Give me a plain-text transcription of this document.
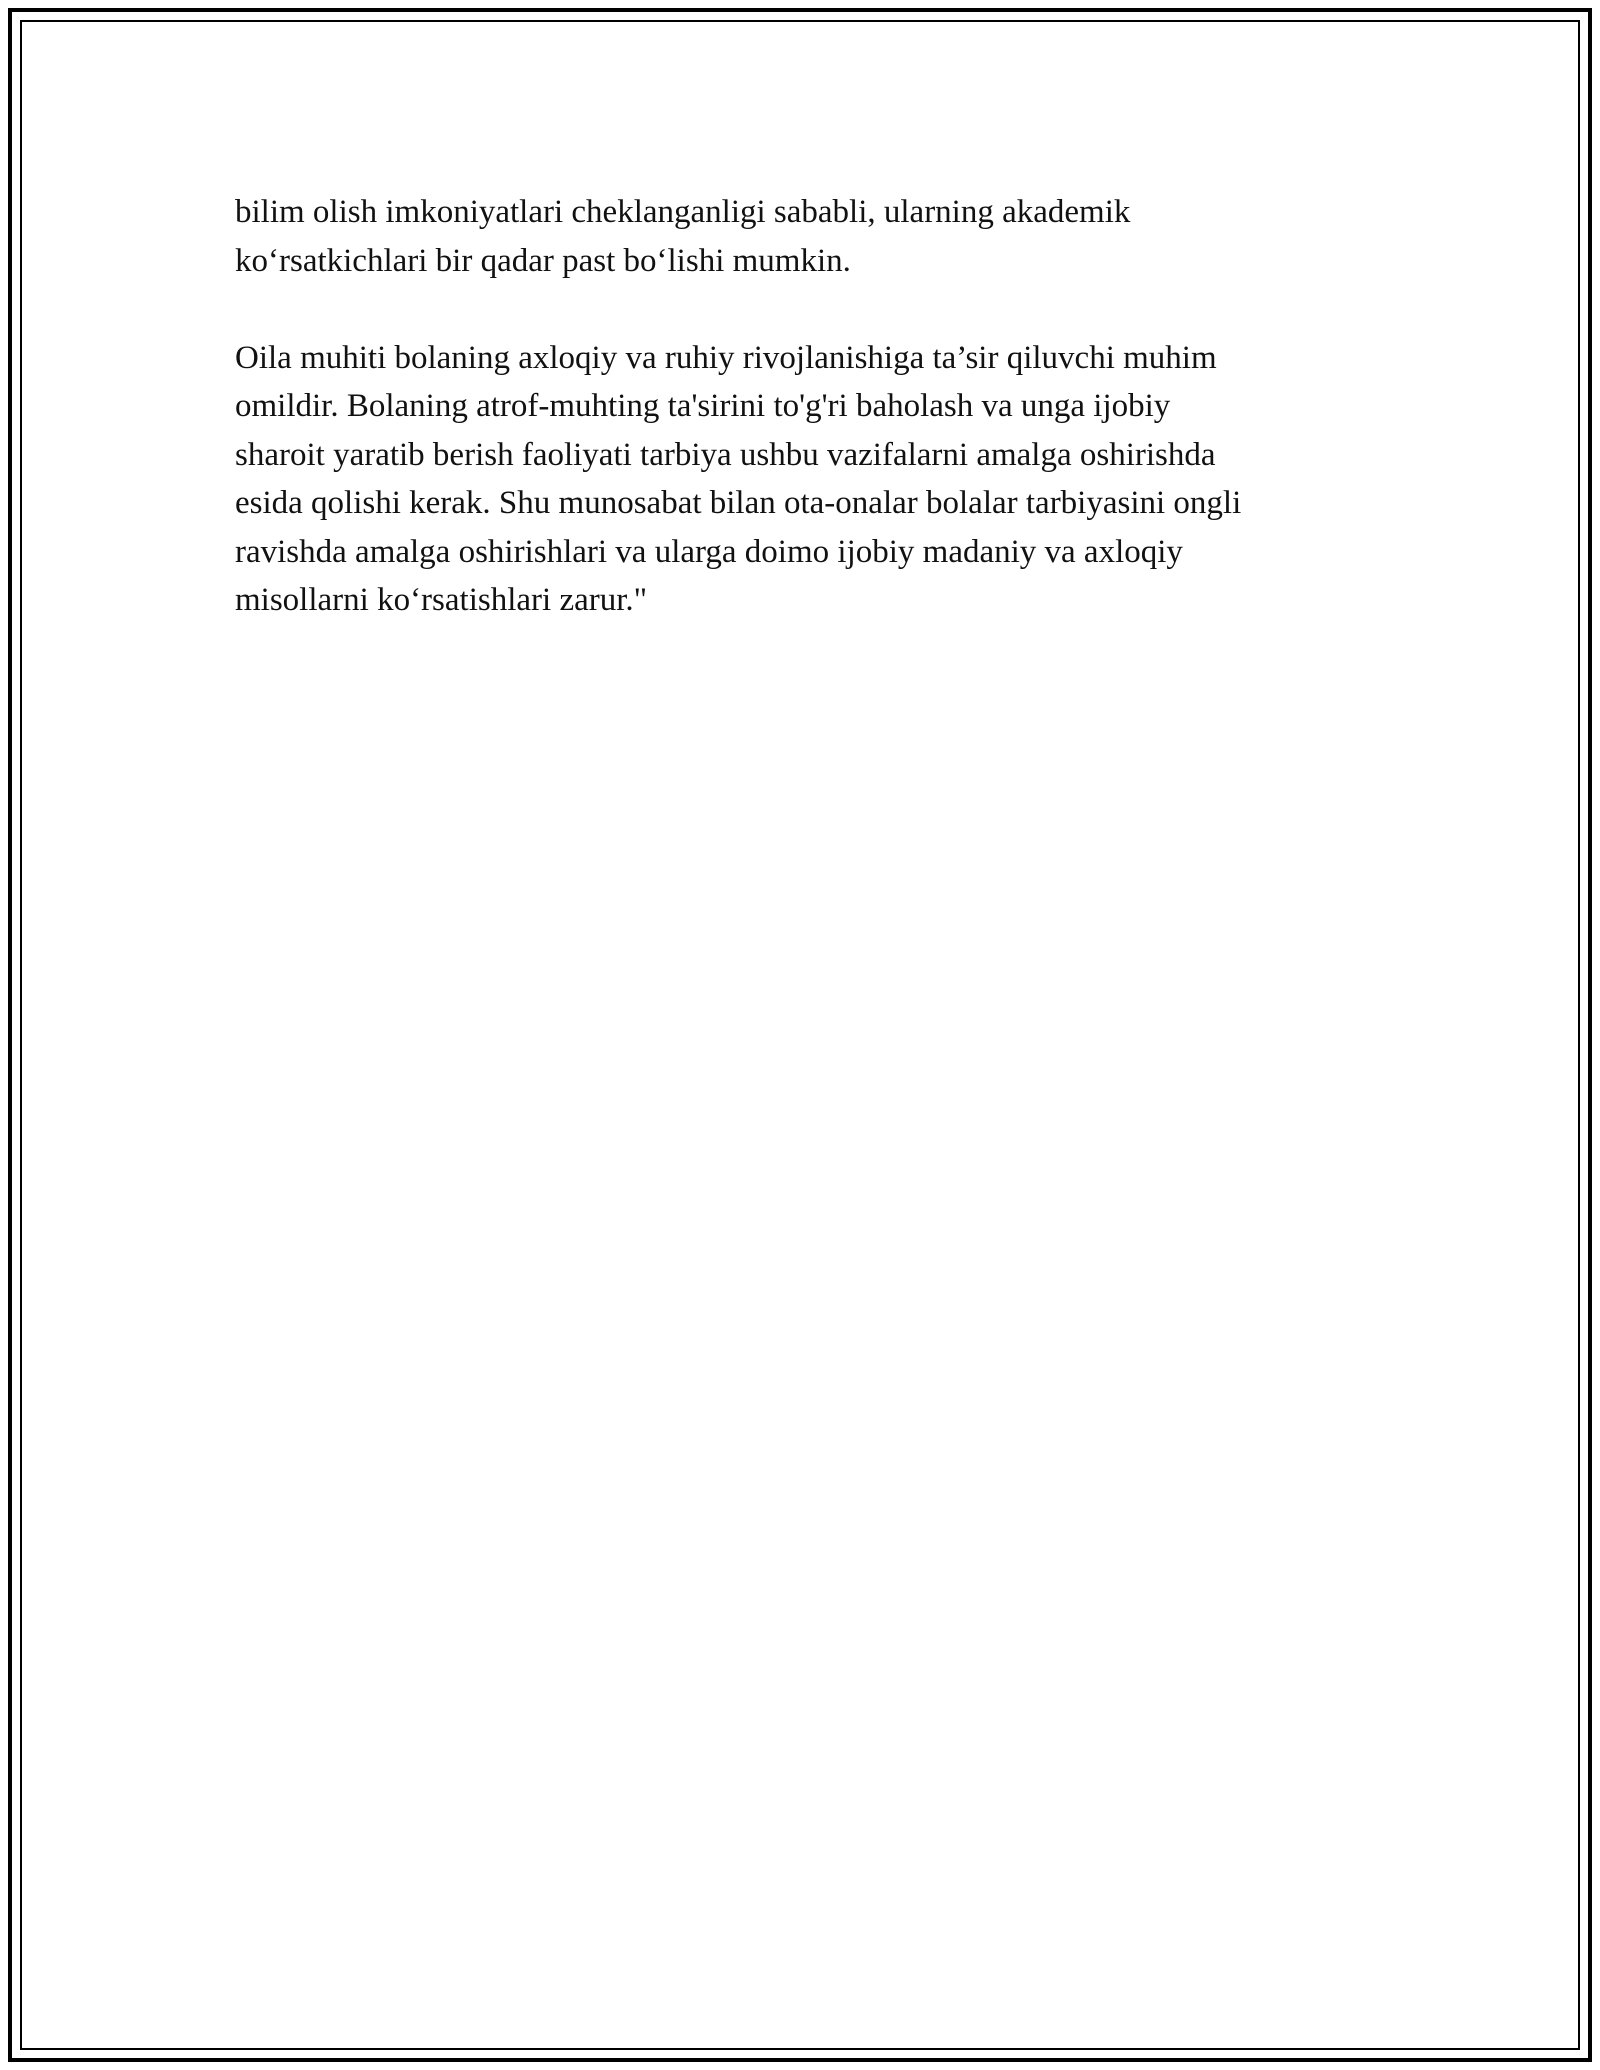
bilim olish imkoniyatlari cheklanganligi sababli, ularning akademik
ko‘rsatkichlari bir qadar past bo‘lishi mumkin.

Oila muhiti bolaning axloqiy va ruhiy rivojlanishiga ta’sir qiluvchi muhim
omildir. Bolaning atrof-muhting ta'sirini to'g'ri baholash va unga ijobiy
sharoit yaratib berish faoliyati tarbiya ushbu vazifalarni amalga oshirishda
esida qolishi kerak. Shu munosabat bilan ota-onalar bolalar tarbiyasini ongli
ravishda amalga oshirishlari va ularga doimo ijobiy madaniy va axloqiy
misollarni ko‘rsatishlari zarur."
